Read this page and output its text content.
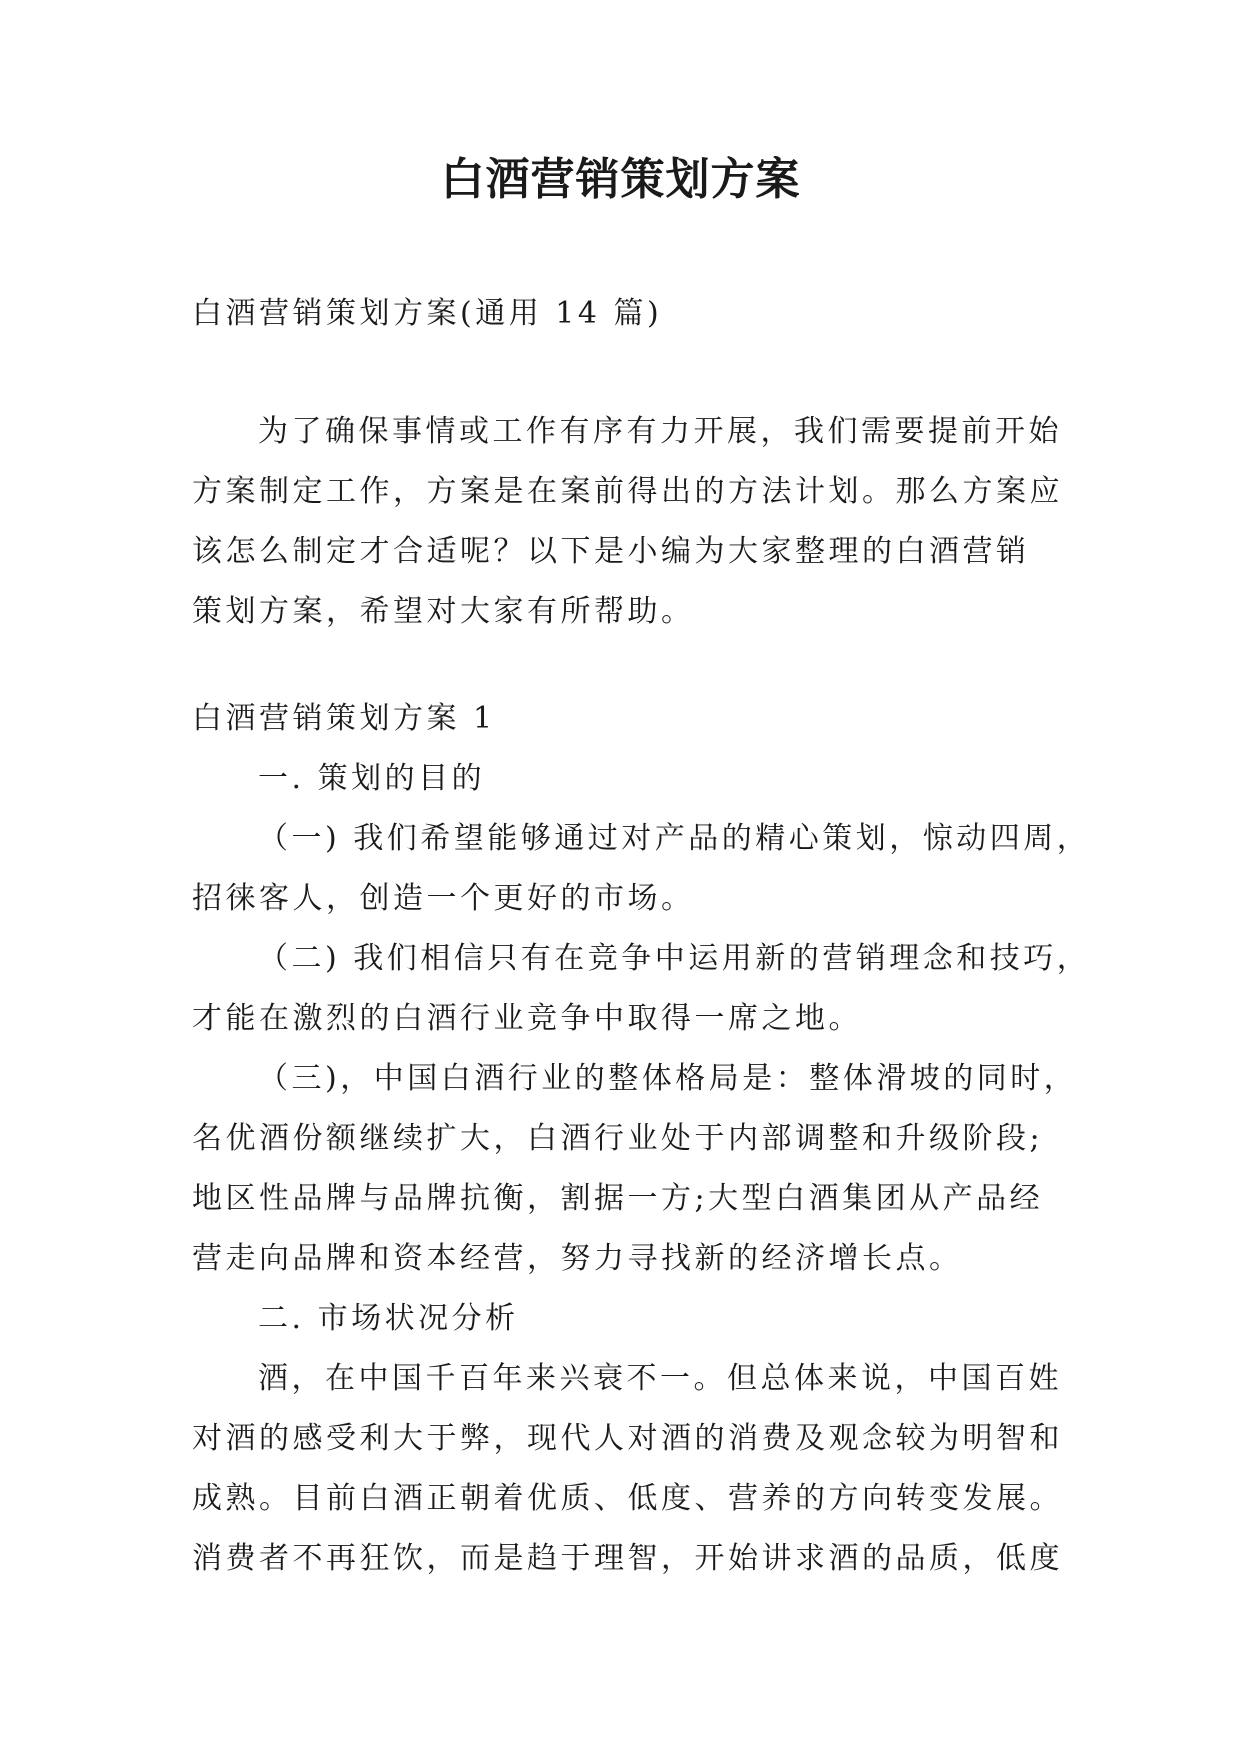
白酒营销策划方案

白酒营销策划方案(通用 14 篇)

为了确保事情或工作有序有力开展，我们需要提前开始
方案制定工作，方案是在案前得出的方法计划。那么方案应
该怎么制定才合适呢？以下是小编为大家整理的白酒营销
策划方案，希望对大家有所帮助。
白酒营销策划方案 1
一. 策划的目的
（一) 我们希望能够通过对产品的精心策划，惊动四周，
招徕客人，创造一个更好的市场。
（二) 我们相信只有在竞争中运用新的营销理念和技巧，
才能在激烈的白酒行业竞争中取得一席之地。
（三)，中国白酒行业的整体格局是：整体滑坡的同时，
名优酒份额继续扩大，白酒行业处于内部调整和升级阶段;
地区性品牌与品牌抗衡，割据一方;大型白酒集团从产品经
营走向品牌和资本经营，努力寻找新的经济增长点。
二. 市场状况分析
酒，在中国千百年来兴衰不一。但总体来说，中国百姓
对酒的感受利大于弊，现代人对酒的消费及观念较为明智和
成熟。目前白酒正朝着优质、低度、营养的方向转变发展。
消费者不再狂饮，而是趋于理智，开始讲求酒的品质，低度
